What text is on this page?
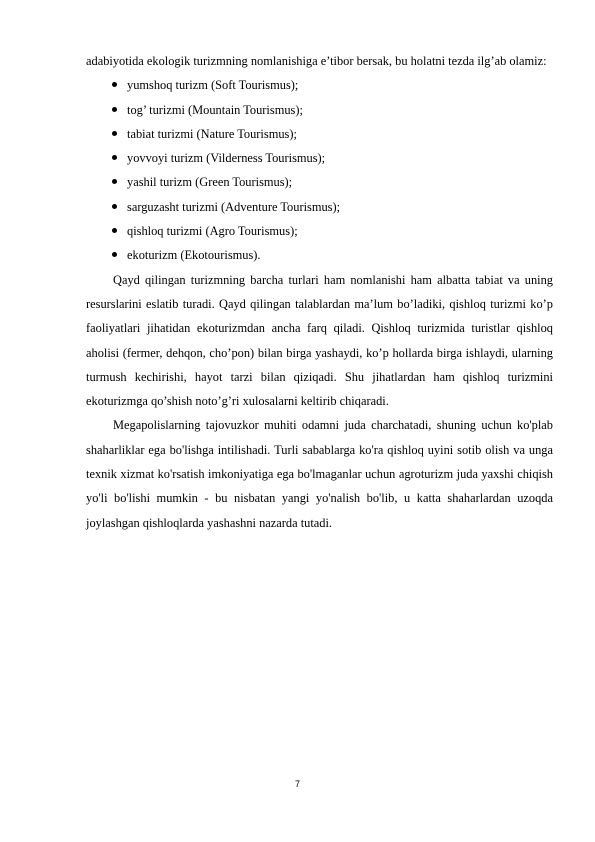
adabiyotida ekologik turizmning nomlanishiga e’tibor bersak, bu holatni tezda ilg’ab olamiz:

yumshoq turizm (Soft Tourismus);
tog’ turizmi (Mountain Tourismus);
tabiat turizmi (Nature Tourismus);
yovvoyi turizm (Vilderness Tourismus);
yashil turizm (Green Tourismus);
sarguzasht turizmi (Adventure Tourismus);
qishloq turizmi (Agro Tourismus);
ekoturizm (Ekotourismus).

Qayd qilingan turizmning barcha turlari ham nomlanishi ham albatta tabiat va uning resurslarini eslatib turadi. Qayd qilingan talablardan ma’lum bo’ladiki, qishloq turizmi ko’p faoliyatlari jihatidan ekoturizmdan ancha farq qiladi. Qishloq turizmida turistlar qishloq aholisi (fermer, dehqon, cho’pon) bilan birga yashaydi, ko’p hollarda birga ishlaydi, ularning turmush kechirishi, hayot tarzi bilan qiziqadi. Shu jihatlardan ham qishloq turizmini ekoturizmga qo’shish noto’g’ri xulosalarni keltirib chiqaradi.

Megapolislarning tajovuzkor muhiti odamni juda charchatadi, shuning uchun ko'plab shaharliklar ega bo'lishga intilishadi. Turli sabablarga ko'ra qishloq uyini sotib olish va unga texnik xizmat ko'rsatish imkoniyatiga ega bo'lmaganlar uchun agroturizm juda yaxshi chiqish yo'li bo'lishi mumkin - bu nisbatan yangi yo'nalish bo'lib, u katta shaharlardan uzoqda joylashgan qishloqlarda yashashni nazarda tutadi.

7
